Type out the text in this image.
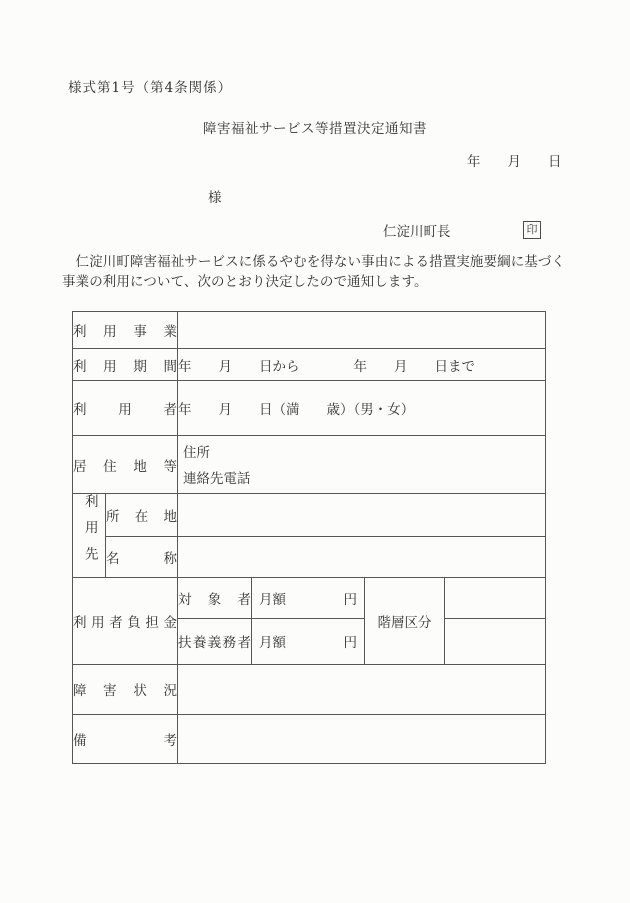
様式第1号（第4条関係）
障害福祉サービス等措置決定通知書
年　　月　　日
様
仁淀川町長	印
仁淀川町障害福祉サービスに係るやむを得ない事由による措置実施要綱に基づく事業の利用について、次のとおり決定したので通知します。
利用事業					
利用期間		年　　月　　日から　　　　年　　月　　日まで			
利用者		年　　月　　日（満　　歳）（男・女）			
居住地等		住所
連絡先電話			

利用先	所在地				
	名称				
利用者負担金		対象者	月額 円	階層区分	
		扶養義務者	月額 円		

障害状況					
備考					
